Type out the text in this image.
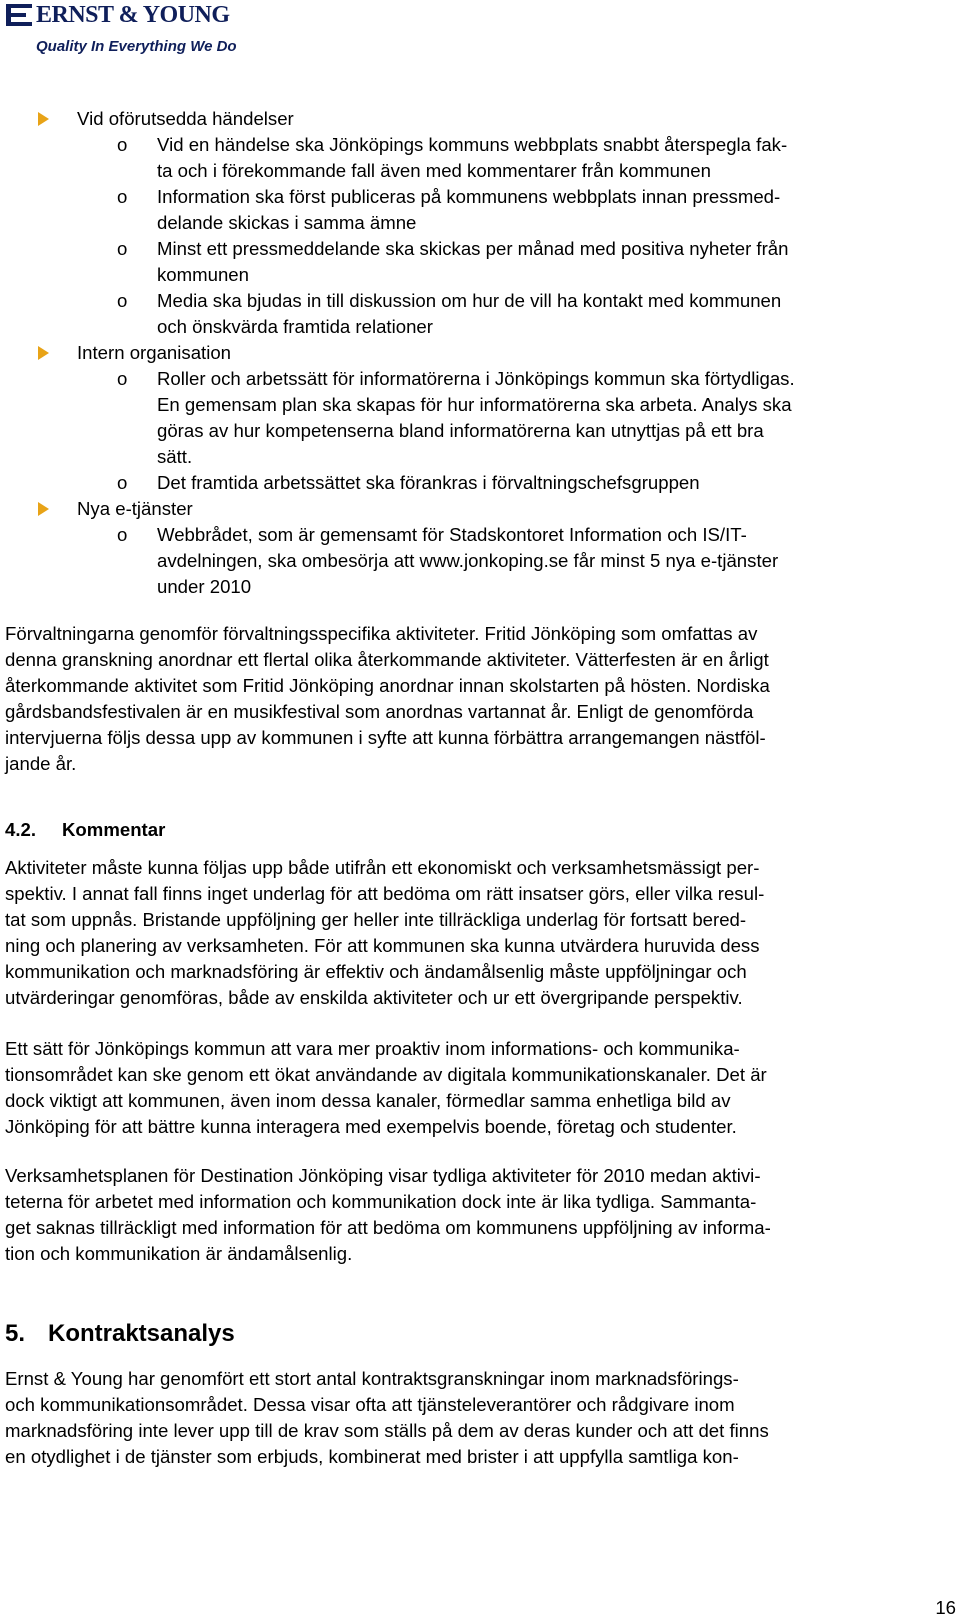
ERNST & YOUNG
Quality In Everything We Do
Vid oförutsedda händelser
o Vid en händelse ska Jönköpings kommuns webbplats snabbt återspegla fak-
ta och i förekommande fall även med kommentarer från kommunen
o Information ska först publiceras på kommunens webbplats innan pressmed-
delande skickas i samma ämne
o Minst ett pressmeddelande ska skickas per månad med positiva nyheter från
kommunen
o Media ska bjudas in till diskussion om hur de vill ha kontakt med kommunen
och önskvärda framtida relationer
Intern organisation
o Roller och arbetssätt för informatörerna i Jönköpings kommun ska förtydligas.
En gemensam plan ska skapas för hur informatörerna ska arbeta. Analys ska
göras av hur kompetenserna bland informatörerna kan utnyttjas på ett bra
sätt.
o Det framtida arbetssättet ska förankras i förvaltningschefsgruppen
Nya e-tjänster
o Webbrådet, som är gemensamt för Stadskontoret Information och IS/IT-
avdelningen, ska ombesörja att www.jonkoping.se får minst 5 nya e-tjänster
under 2010
Förvaltningarna genomför förvaltningsspecifika aktiviteter. Fritid Jönköping som omfattas av
denna granskning anordnar ett flertal olika återkommande aktiviteter. Vätterfesten är en årligt
återkommande aktivitet som Fritid Jönköping anordnar innan skolstarten på hösten. Nordiska
gårdsbandsfestivalen är en musikfestival som anordnas vartannat år. Enligt de genomförda
intervjuerna följs dessa upp av kommunen i syfte att kunna förbättra arrangemangen nästföl-
jande år.
4.2. Kommentar
Aktiviteter måste kunna följas upp både utifrån ett ekonomiskt och verksamhetsmässigt per-
spektiv. I annat fall finns inget underlag för att bedöma om rätt insatser görs, eller vilka resul-
tat som uppnås. Bristande uppföljning ger heller inte tillräckliga underlag för fortsatt bered-
ning och planering av verksamheten. För att kommunen ska kunna utvärdera huruvida dess
kommunikation och marknadsföring är effektiv och ändamålsenlig måste uppföljningar och
utvärderingar genomföras, både av enskilda aktiviteter och ur ett övergripande perspektiv.
Ett sätt för Jönköpings kommun att vara mer proaktiv inom informations- och kommunika-
tionsområdet kan ske genom ett ökat användande av digitala kommunikationskanaler. Det är
dock viktigt att kommunen, även inom dessa kanaler, förmedlar samma enhetliga bild av
Jönköping för att bättre kunna interagera med exempelvis boende, företag och studenter.
Verksamhetsplanen för Destination Jönköping visar tydliga aktiviteter för 2010 medan aktivi-
teterna för arbetet med information och kommunikation dock inte är lika tydliga. Sammanta-
get saknas tillräckligt med information för att bedöma om kommunens uppföljning av informa-
tion och kommunikation är ändamålsenlig.
5. Kontraktsanalys
Ernst & Young har genomfört ett stort antal kontraktsgranskningar inom marknadsförings-
och kommunikationsområdet. Dessa visar ofta att tjänsteleverantörer och rådgivare inom
marknadsföring inte lever upp till de krav som ställs på dem av deras kunder och att det finns
en otydlighet i de tjänster som erbjuds, kombinerat med brister i att uppfylla samtliga kon-
16
